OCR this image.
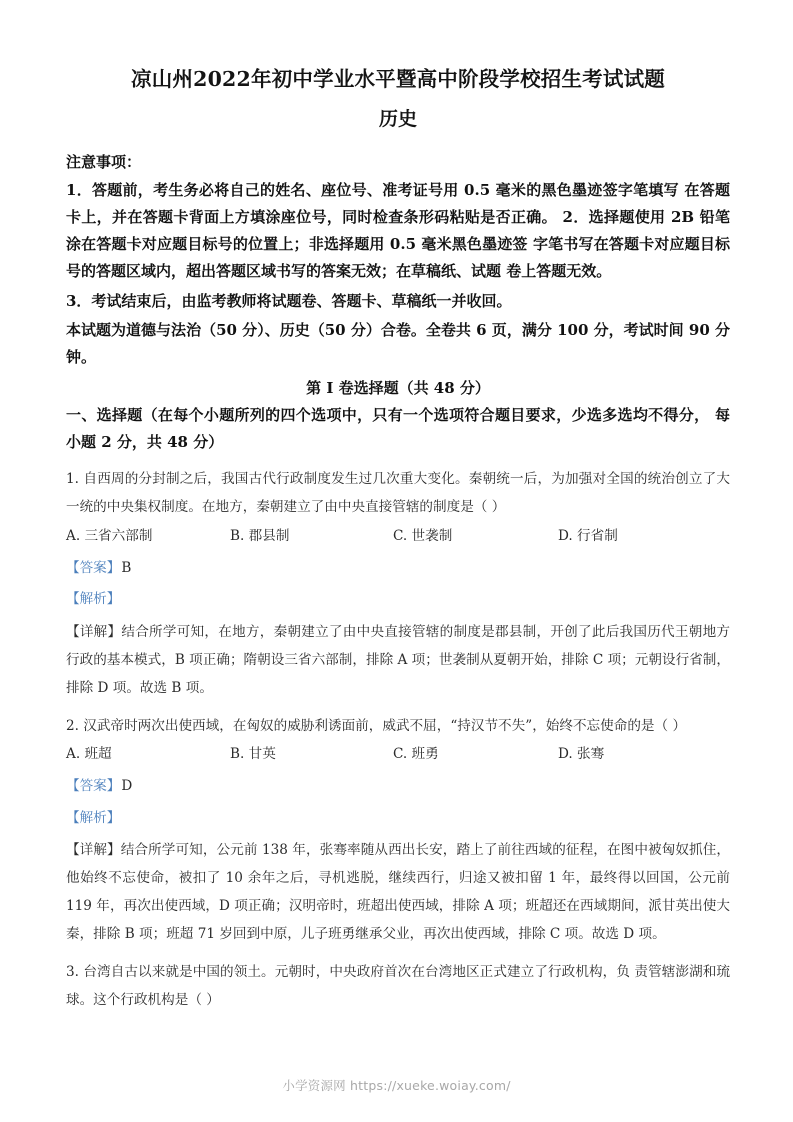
凉山州2022年初中学业水平暨高中阶段学校招生考试试题
历史
注意事项：
1．答题前，考生务必将自己的姓名、座位号、准考证号用 0.5 毫米的黑色墨迹签字笔填写 在答题卡上，并在答题卡背面上方填涂座位号，同时检查条形码粘贴是否正确。 2．选择题使用 2B 铅笔涂在答题卡对应题目标号的位置上；非选择题用 0.5 毫米黑色墨迹签 字笔书写在答题卡对应题目标号的答题区域内，超出答题区域书写的答案无效；在草稿纸、试题 卷上答题无效。
3．考试结束后，由监考教师将试题卷、答题卡、草稿纸一并收回。
本试题为道德与法治（50 分）、历史（50 分）合卷。全卷共 6 页，满分 100 分，考试时间 90 分钟。
第 I 卷选择题（共 48 分）
一、选择题（在每个小题所列的四个选项中，只有一个选项符合题目要求，少选多选均不得分， 每小题 2 分，共 48 分）
1. 自西周的分封制之后，我国古代行政制度发生过几次重大变化。秦朝统一后，为加强对全国的统治创立了大一统的中央集权制度。在地方，秦朝建立了由中央直接管辖的制度是（ ）
A. 三省六部制	B. 郡县制	C. 世袭制	D. 行省制
【答案】B
【解析】
【详解】结合所学可知，在地方，秦朝建立了由中央直接管辖的制度是郡县制，开创了此后我国历代王朝地方行政的基本模式，B 项正确；隋朝设三省六部制，排除 A 项；世袭制从夏朝开始，排除 C 项；元朝设行省制，排除 D 项。故选 B 项。
2. 汉武帝时两次出使西域，在匈奴的威胁利诱面前，威武不屈，“持汉节不失”，始终不忘使命的是（ ）
A. 班超	B. 甘英	C. 班勇	D. 张骞
【答案】D
【解析】
【详解】结合所学可知，公元前 138 年，张骞率随从西出长安，踏上了前往西域的征程，在图中被匈奴抓住，他始终不忘使命，被扣了 10 余年之后，寻机逃脱，继续西行，归途又被扣留 1 年，最终得以回国，公元前 119 年，再次出使西域，D 项正确；汉明帝时，班超出使西域，排除 A 项；班超还在西域期间，派甘英出使大秦，排除 B 项；班超 71 岁回到中原，儿子班勇继承父业，再次出使西域，排除 C 项。故选 D 项。
3. 台湾自古以来就是中国的领土。元朝时，中央政府首次在台湾地区正式建立了行政机构，负 责管辖澎湖和琉球。这个行政机构是（ ）
小学资源网 https://xueke.woiay.com/
